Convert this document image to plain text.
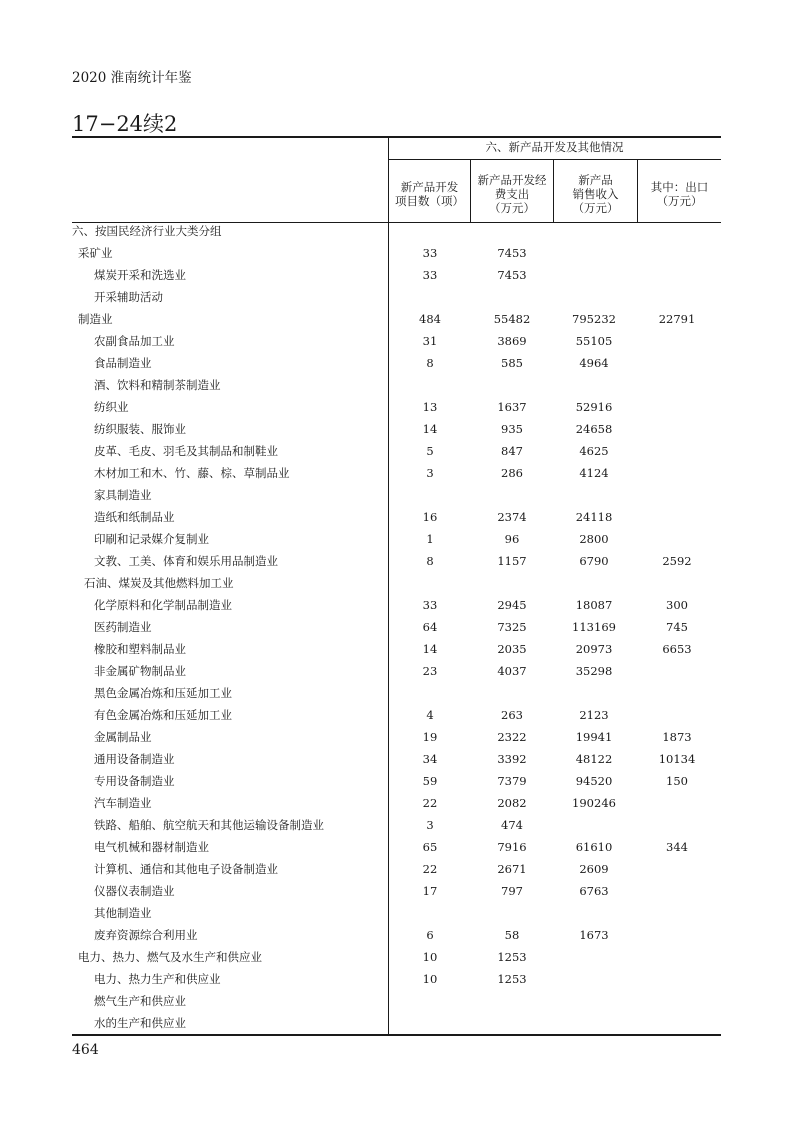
2020 淮南统计年鉴
17−24续2
六、新产品开发及其他情况
新产品开发
项目数（项）
新产品开发经
费支出
（万元）
新产品
销售收入
（万元）
其中：出口
（万元）
六、按国民经济行业大类分组
采矿业	33	7453
煤炭开采和洗选业	33	7453
开采辅助活动
制造业	484	55482	795232	22791
农副食品加工业	31	3869	55105
食品制造业	8	585	4964
酒、饮料和精制茶制造业
纺织业	13	1637	52916
纺织服装、服饰业	14	935	24658
皮革、毛皮、羽毛及其制品和制鞋业	5	847	4625
木材加工和木、竹、藤、棕、草制品业	3	286	4124
家具制造业
造纸和纸制品业	16	2374	24118
印刷和记录媒介复制业	1	96	2800
文教、工美、体育和娱乐用品制造业	8	1157	6790	2592
石油、煤炭及其他燃料加工业
化学原料和化学制品制造业	33	2945	18087	300
医药制造业	64	7325	113169	745
橡胶和塑料制品业	14	2035	20973	6653
非金属矿物制品业	23	4037	35298
黑色金属冶炼和压延加工业
有色金属冶炼和压延加工业	4	263	2123
金属制品业	19	2322	19941	1873
通用设备制造业	34	3392	48122	10134
专用设备制造业	59	7379	94520	150
汽车制造业	22	2082	190246
铁路、船舶、航空航天和其他运输设备制造业	3	474
电气机械和器材制造业	65	7916	61610	344
计算机、通信和其他电子设备制造业	22	2671	2609
仪器仪表制造业	17	797	6763
其他制造业
废弃资源综合利用业	6	58	1673
电力、热力、燃气及水生产和供应业	10	1253
电力、热力生产和供应业	10	1253
燃气生产和供应业
水的生产和供应业
464
